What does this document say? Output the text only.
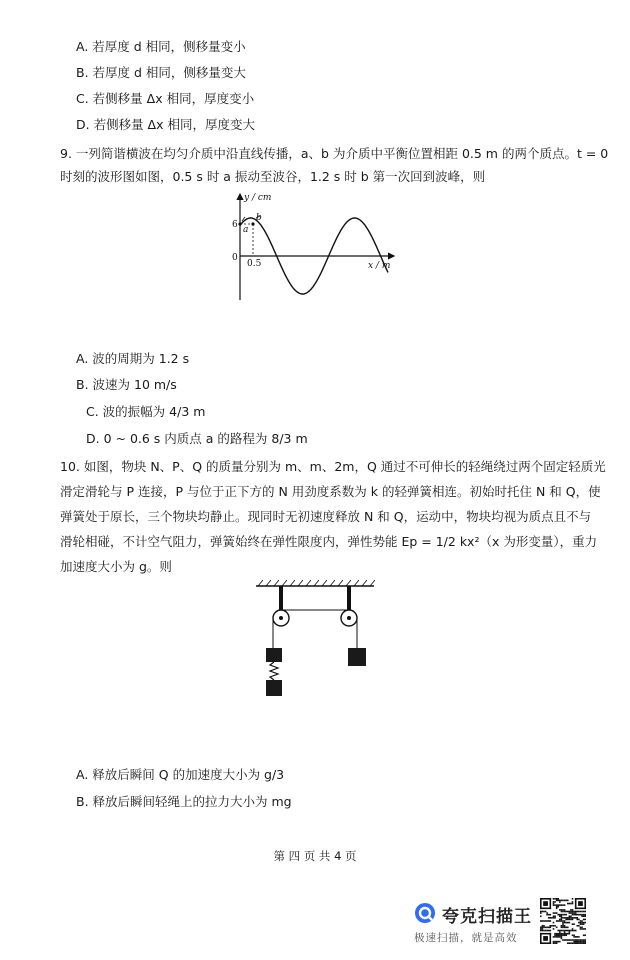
A. 若厚度 d 相同，侧移量变小
B. 若厚度 d 相同，侧移量变大
C. 若侧移量 Δx 相同，厚度变小
D. 若侧移量 Δx 相同，厚度变大
9. 一列简谐横波在均匀介质中沿直线传播，a、b 为介质中平衡位置相距 0.5 m 的两个质点。t = 0
时刻的波形图如图，0.5 s 时 a 振动至波谷，1.2 s 时 b 第一次回到波峰，则
y / cm
x / m
6
0.5
0
a
b
A. 波的周期为 1.2 s
B. 波速为 10 m/s
C. 波的振幅为 4/3 m
D. 0 ~ 0.6 s 内质点 a 的路程为 8/3 m
10. 如图，物块 N、P、Q 的质量分别为 m、m、2m，Q 通过不可伸长的轻绳绕过两个固定轻质光
滑定滑轮与 P 连接，P 与位于正下方的 N 用劲度系数为 k 的轻弹簧相连。初始时托住 N 和 Q，使
弹簧处于原长，三个物块均静止。现同时无初速度释放 N 和 Q，运动中，物块均视为质点且不与
滑轮相碰，不计空气阻力，弹簧始终在弹性限度内，弹性势能 Ep = 1/2 kx²（x 为形变量），重力
加速度大小为 g。则
A. 释放后瞬间 Q 的加速度大小为 g/3
B. 释放后瞬间轻绳上的拉力大小为 mg
第 四 页 共 4 页
夸克扫描王
极速扫描，就是高效
